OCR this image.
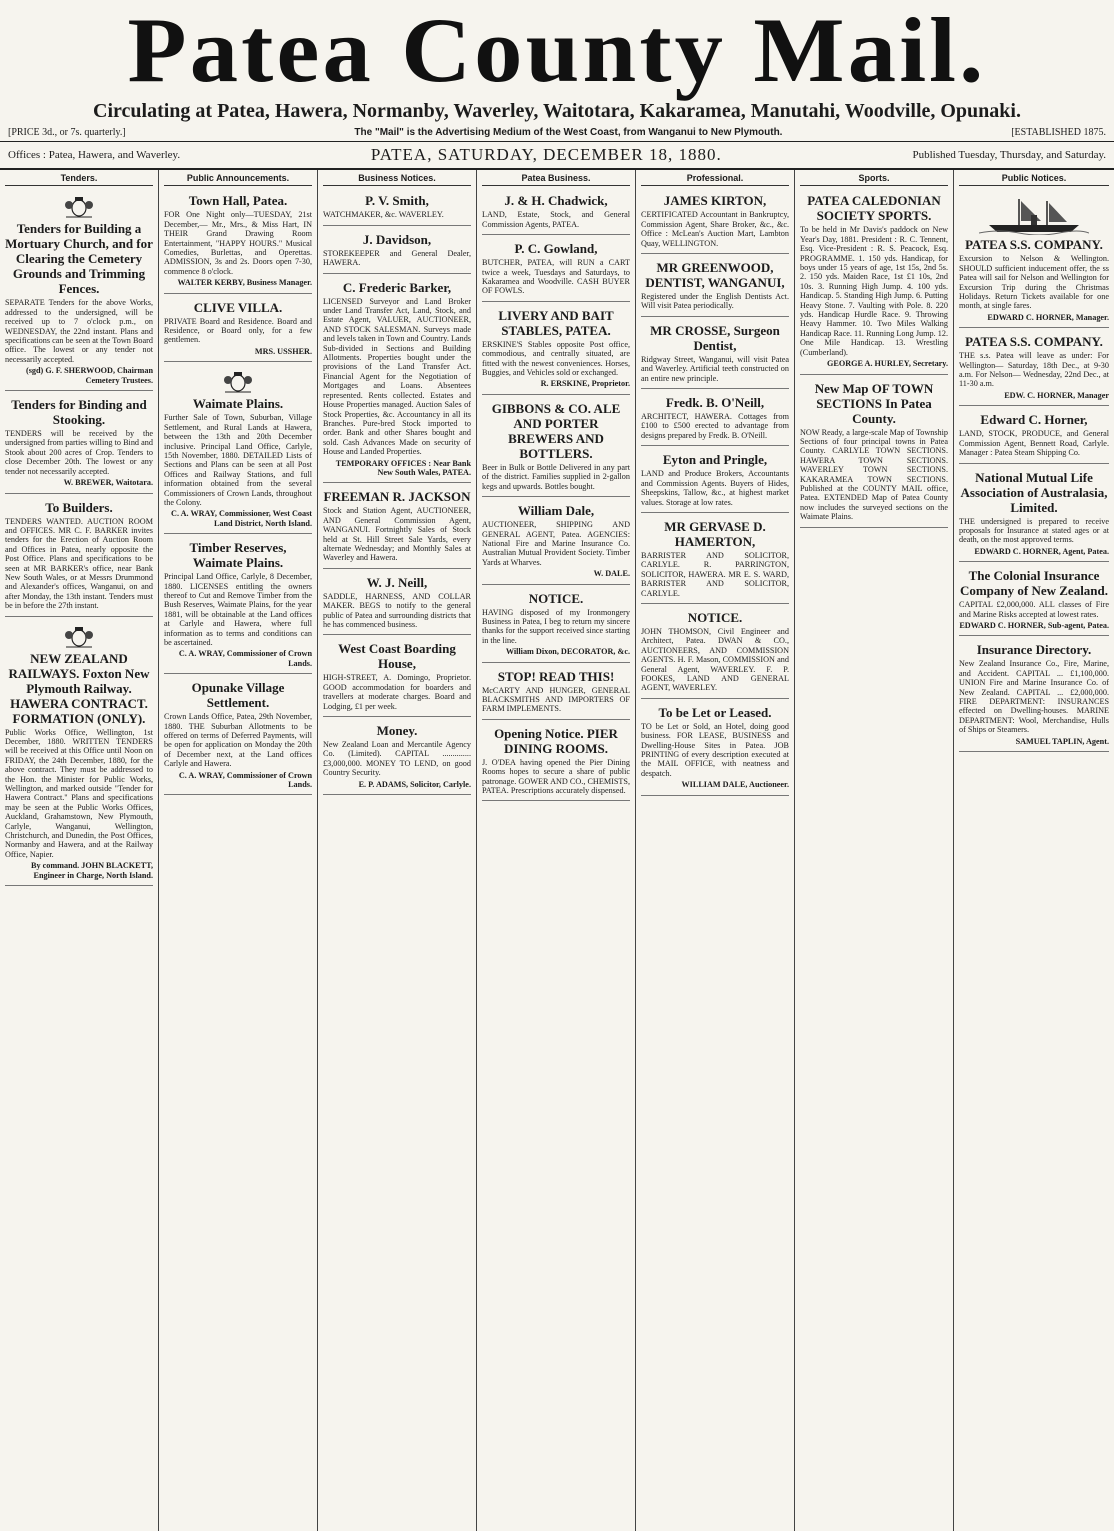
Patea County Mail.
Circulating at Patea, Hawera, Normanby, Waverley, Waitotara, Kakaramea, Manutahi, Woodville, Opunaki.
[PRICE 3d., or 7s. quarterly.]	The "Mail" is the Advertising Medium of the West Coast, from Wanganui to New Plymouth.	[ESTABLISHED 1875.
Offices : Patea, Hawera, and Waverley.	PATEA, SATURDAY, DECEMBER 18, 1880.	Published Tuesday, Thursday, and Saturday.
Tenders.
Tenders for Building a Mortuary Church, and for Clearing the Cemetery Grounds and Trimming Fences.

SEPARATE Tenders for the above Works, addressed to the undersigned, will be received up to 7 o'clock p.m., on WEDNESDAY, the 22nd instant. Plans and specifications can be seen at the Town Board office. The lowest or any tender not necessarily accepted.

(sgd) G. F. SHERWOOD, Chairman Cemetery Trustees.
Tenders for Binding and Stooking.

TENDERS will be received by the undersigned from parties willing to Bind and Stook about 200 acres of Crop. Tenders to close December 20th. The lowest or any tender not necessarily accepted.

W. BREWER, Waitotara.
To Builders.

TENDERS WANTED. AUCTION ROOM and OFFICES. MR C. F. BARKER invites tenders for the Erection of Auction Room and Offices in Patea, nearly opposite the Post Office. Plans and specifications to be seen at MR BARKER's office, near Bank New South Wales, or at Messrs Drummond and Alexander's offices, Wanganui, on and after Monday, the 13th instant. Tenders must be in before the 27th instant.

NEW ZEALAND RAILWAYS. Foxton New Plymouth Railway. HAWERA CONTRACT. FORMATION (ONLY).

Public Works Office, Wellington, 1st December, 1880. WRITTEN TENDERS will be received at this Office until Noon on FRIDAY, the 24th December, 1880, for the above contract. They must be addressed to the Hon. the Minister for Public Works, Wellington, and marked outside "Tender for Hawera Contract." Plans and specifications may be seen at the Public Works Offices, Auckland, Grahamstown, New Plymouth, Carlyle, Wanganui, Wellington, Christchurch, and Dunedin, the Post Offices, Normanby and Hawera, and at the Railway Office, Napier.

By command. JOHN BLACKETT, Engineer in Charge, North Island.
Public Announcements.
Town Hall, Patea.

FOR One Night only—TUESDAY, 21st December,— Mr., Mrs., & Miss Hart, IN THEIR Grand Drawing Room Entertainment, "HAPPY HOURS." Musical Comedies, Burlettas, and Operettas. ADMISSION, 3s and 2s. Doors open 7-30, commence 8 o'clock.

WALTER KERBY, Business Manager.
CLIVE VILLA.

PRIVATE Board and Residence. Board and Residence, or Board only, for a few gentlemen.

MRS. USSHER.
Waimate Plains.

Further Sale of Town, Suburban, Village Settlement, and Rural Lands at Hawera, between the 13th and 20th December inclusive. Principal Land Office, Carlyle, 15th November, 1880. DETAILED Lists of Sections and Plans can be seen at all Post Offices and Railway Stations, and full information obtained from the several Commissioners of Crown Lands, throughout the Colony.

C. A. WRAY, Commissioner, West Coast Land District, North Island.
Timber Reserves, Waimate Plains.

Principal Land Office, Carlyle, 8 December, 1880. LICENSES entitling the owners thereof to Cut and Remove Timber from the Bush Reserves, Waimate Plains, for the year 1881, will be obtainable at the Land offices at Carlyle and Hawera, where full information as to terms and conditions can be ascertained.

C. A. WRAY, Commissioner of Crown Lands.
Opunake Village Settlement.

Crown Lands Office, Patea, 29th November, 1880. THE Suburban Allotments to be offered on terms of Deferred Payments, will be open for application on Monday the 20th of December next, at the Land offices Carlyle and Hawera.

C. A. WRAY, Commissioner of Crown Lands.
Business Notices.
P. V. Smith,

WATCHMAKER, &c. WAVERLEY.

J. Davidson,

STOREKEEPER and General Dealer, HAWERA.

C. Frederic Barker,

LICENSED Surveyor and Land Broker under Land Transfer Act, Land, Stock, and Estate Agent, VALUER, AUCTIONEER, AND STOCK SALESMAN. Surveys made and levels taken in Town and Country. Lands Sub-divided in Sections and Building Allotments. Properties bought under the provisions of the Land Transfer Act. Financial Agent for the Negotiation of Mortgages and Loans. Absentees represented. Rents collected. Estates and House Properties managed. Auction Sales of Stock Properties, &c. Accountancy in all its Branches. Pure-bred Stock imported to order. Bank and other Shares bought and sold. Cash Advances Made on security of House and Landed Properties.

TEMPORARY OFFICES : Near Bank New South Wales, PATEA.
FREEMAN R. JACKSON

Stock and Station Agent, AUCTIONEER, AND General Commission Agent, WANGANUI. Fortnightly Sales of Stock held at St. Hill Street Sale Yards, every alternate Wednesday; and Monthly Sales at Waverley and Hawera.

W. J. Neill,

SADDLE, HARNESS, AND COLLAR MAKER. BEGS to notify to the general public of Patea and surrounding districts that he has commenced business.

West Coast Boarding House,

HIGH-STREET, A. Domingo, Proprietor. GOOD accommodation for boarders and travellers at moderate charges. Board and Lodging, £1 per week.

Money.

New Zealand Loan and Mercantile Agency Co. (Limited). CAPITAL .............. £3,000,000. MONEY TO LEND, on good Country Security.

E. P. ADAMS, Solicitor, Carlyle.
Patea Business.
J. & H. Chadwick,

LAND, Estate, Stock, and General Commission Agents, PATEA.

P. C. Gowland,

BUTCHER, PATEA, will RUN a CART twice a week, Tuesdays and Saturdays, to Kakaramea and Woodville. CASH BUYER OF FOWLS.

LIVERY AND BAIT STABLES, PATEA.

ERSKINE'S Stables opposite Post office, commodious, and centrally situated, are fitted with the newest conveniences. Horses, Buggies, and Vehicles sold or exchanged.

R. ERSKINE, Proprietor.
GIBBONS & CO. ALE AND PORTER BREWERS AND BOTTLERS.

Beer in Bulk or Bottle Delivered in any part of the district. Families supplied in 2-gallon kegs and upwards. Bottles bought.

William Dale,

AUCTIONEER, SHIPPING AND GENERAL AGENT, Patea. AGENCIES: National Fire and Marine Insurance Co. Australian Mutual Provident Society. Timber Yards at Wharves.

W. DALE.
NOTICE.

HAVING disposed of my Ironmongery Business in Patea, I beg to return my sincere thanks for the support received since starting in the line.

William Dixon, DECORATOR, &c.
STOP! READ THIS!

McCARTY AND HUNGER, GENERAL BLACKSMITHS AND IMPORTERS OF FARM IMPLEMENTS.

Opening Notice. PIER DINING ROOMS.

J. O'DEA having opened the Pier Dining Rooms hopes to secure a share of public patronage. GOWER AND CO., CHEMISTS, PATEA. Prescriptions accurately dispensed.

Professional.
JAMES KIRTON,

CERTIFICATED Accountant in Bankruptcy, Commission Agent, Share Broker, &c., &c. Office : McLean's Auction Mart, Lambton Quay, WELLINGTON.

MR GREENWOOD, DENTIST, WANGANUI,

Registered under the English Dentists Act. Will visit Patea periodically.

MR CROSSE, Surgeon Dentist,

Ridgway Street, Wanganui, will visit Patea and Waverley. Artificial teeth constructed on an entire new principle.

Fredk. B. O'Neill,

ARCHITECT, HAWERA. Cottages from £100 to £500 erected to advantage from designs prepared by Fredk. B. O'Neill.

Eyton and Pringle,

LAND and Produce Brokers, Accountants and Commission Agents. Buyers of Hides, Sheepskins, Tallow, &c., at highest market values. Storage at low rates.

MR GERVASE D. HAMERTON,

BARRISTER AND SOLICITOR, CARLYLE. R. PARRINGTON, SOLICITOR, HAWERA. MR E. S. WARD, BARRISTER AND SOLICITOR, CARLYLE.

NOTICE.

JOHN THOMSON, Civil Engineer and Architect, Patea. DWAN & CO., AUCTIONEERS, AND COMMISSION AGENTS. H. F. Mason, COMMISSION and General Agent, WAVERLEY. F. P. FOOKES, LAND AND GENERAL AGENT, WAVERLEY.

To be Let or Leased.

TO be Let or Sold, an Hotel, doing good business. FOR LEASE, BUSINESS and Dwelling-House Sites in Patea. JOB PRINTING of every description executed at the MAIL OFFICE, with neatness and despatch.

WILLIAM DALE, Auctioneer.
Sports.
PATEA CALEDONIAN SOCIETY SPORTS.

To be held in Mr Davis's paddock on New Year's Day, 1881. President : R. C. Tennent, Esq. Vice-President : R. S. Peacock, Esq. PROGRAMME. 1. 150 yds. Handicap, for boys under 15 years of age, 1st 15s, 2nd 5s. 2. 150 yds. Maiden Race, 1st £1 10s, 2nd 10s. 3. Running High Jump. 4. 100 yds. Handicap. 5. Standing High Jump. 6. Putting Heavy Stone. 7. Vaulting with Pole. 8. 220 yds. Handicap Hurdle Race. 9. Throwing Heavy Hammer. 10. Two Miles Walking Handicap Race. 11. Running Long Jump. 12. One Mile Handicap. 13. Wrestling (Cumberland).

GEORGE A. HURLEY, Secretary.
New Map OF TOWN SECTIONS In Patea County.

NOW Ready, a large-scale Map of Township Sections of four principal towns in Patea County. CARLYLE TOWN SECTIONS. HAWERA TOWN SECTIONS. WAVERLEY TOWN SECTIONS. KAKARAMEA TOWN SECTIONS. Published at the COUNTY MAIL office, Patea. EXTENDED Map of Patea County now includes the surveyed sections on the Waimate Plains.

Public Notices.
PATEA S.S. COMPANY.

Excursion to Nelson & Wellington. SHOULD sufficient inducement offer, the ss Patea will sail for Nelson and Wellington for Excursion Trip during the Christmas Holidays. Return Tickets available for one month, at single fares.

EDWARD C. HORNER, Manager.
PATEA S.S. COMPANY.

THE s.s. Patea will leave as under: For Wellington— Saturday, 18th Dec., at 9-30 a.m. For Nelson— Wednesday, 22nd Dec., at 11-30 a.m.

EDW. C. HORNER, Manager
Edward C. Horner,

LAND, STOCK, PRODUCE, and General Commission Agent, Bennett Road, Carlyle. Manager : Patea Steam Shipping Co.

National Mutual Life Association of Australasia, Limited.

THE undersigned is prepared to receive proposals for Insurance at stated ages or at death, on the most approved terms.

EDWARD C. HORNER, Agent, Patea.
The Colonial Insurance Company of New Zealand.

CAPITAL £2,000,000. ALL classes of Fire and Marine Risks accepted at lowest rates.

EDWARD C. HORNER, Sub-agent, Patea.
Insurance Directory.

New Zealand Insurance Co., Fire, Marine, and Accident. CAPITAL ... £1,100,000. UNION Fire and Marine Insurance Co. of New Zealand. CAPITAL ... £2,000,000. FIRE DEPARTMENT: INSURANCES effected on Dwelling-houses. MARINE DEPARTMENT: Wool, Merchandise, Hulls of Ships or Steamers.

SAMUEL TAPLIN, Agent.
